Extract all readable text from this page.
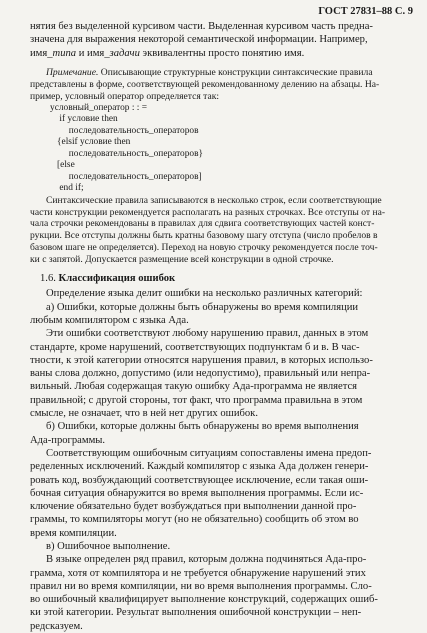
ГОСТ 27831–88 С. 9

нятия без выделенной курсивом части. Выделенная курсивом часть предна-

значена для выражения некоторой семантической информации. Например,

имя_типа и имя_задачи эквивалентны просто понятию имя.

Примечание. Описывающие структурные конструкции синтаксические правила

представлены в форме, соответствующей рекомендованному делению на абзацы. На-

пример, условный оператор определяется так:

условный_оператор : : =
if условие then
последовательность_операторов
{elsif условие then
последовательность_операторов}
[else
последовательность_операторов]
end if;

Синтаксические правила записываются в несколько строк, если соответствующие

части конструкции рекомендуется располагать на разных строчках. Все отступы от на-

чала строчки рекомендованы в правилах для сдвига соответствующих частей конст-

рукции. Все отступы должны быть кратны базовому шагу отступа (число пробелов в

базовом шаге не определяется). Переход на новую строчку рекомендуется после точ-

ки с запятой. Допускается размещение всей конструкции в одной строчке.

1.6. Классификация ошибок

Определение языка делит ошибки на несколько различных категорий:

а) Ошибки, которые должны быть обнаружены во время компиляции

любым компилятором с языка Ада.

Эти ошибки соответствуют любому нарушению правил, данных в этом

стандарте, кроме нарушений, соответствующих подпунктам б и в. В час-

тности, к этой категории относятся нарушения правил, в которых использо-

ваны слова должно, допустимо (или недопустимо), правильный или непра-

вильный. Любая содержащая такую ошибку Ада-программа не является

правильной; с другой стороны, тот факт, что программа правильна в этом

смысле, не означает, что в ней нет других ошибок.

б) Ошибки, которые должны быть обнаружены во время выполнения

Ада-программы.

Соответствующим ошибочным ситуациям сопоставлены имена предоп-

ределенных исключений. Каждый компилятор с языка Ада должен генери-

ровать код, возбуждающий соответствующее исключение, если такая оши-

бочная ситуация обнаружится во время выполнения программы. Если ис-

ключение обязательно будет возбуждаться при выполнении данной про-

граммы, то компиляторы могут (но не обязательно) сообщить об этом во

время компиляции.

в) Ошибочное выполнение.

В языке определен ряд правил, которым должна подчиняться Ада-про-

грамма, хотя от компилятора и не требуется обнаружение нарушений этих

правил ни во время компиляции, ни во время выполнения программы. Сло-

во ошибочный квалифицирует выполнение конструкций, содержащих ошиб-

ки этой категории. Результат выполнения ошибочной конструкции – неп-

редсказуем.
